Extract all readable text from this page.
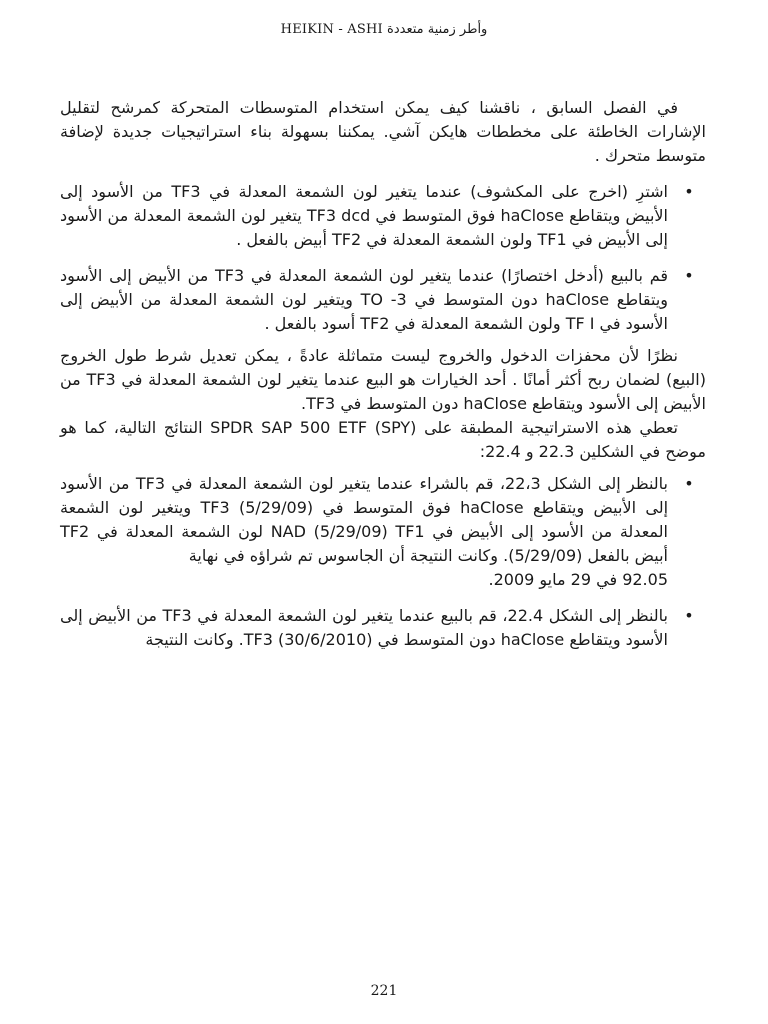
وأطر زمنية متعددة HEIKIN - ASHI

في الفصل السابق ، ناقشنا كيف يمكن استخدام المتوسطات المتحركة كمرشح لتقليل الإشارات الخاطئة على مخططات هايكن آشي. يمكننا بسهولة بناء استراتيجيات جديدة لإضافة متوسط متحرك .

•
اشترِ (اخرج على المكشوف) عندما يتغير لون الشمعة المعدلة في TF3 من الأسود إلى الأبيض ويتقاطع haClose فوق المتوسط في TF3 dcd يتغير لون الشمعة المعدلة من الأسود إلى الأبيض في TF1 ولون الشمعة المعدلة في TF2 أبيض بالفعل .
•
قم بالبيع (أدخل اختصارًا) عندما يتغير لون الشمعة المعدلة في TF3 من الأبيض إلى الأسود ويتقاطع haClose دون المتوسط في TO -3 ويتغير لون الشمعة المعدلة من الأبيض إلى الأسود في TF I ولون الشمعة المعدلة في TF2 أسود بالفعل .

نظرًا لأن محفزات الدخول والخروج ليست متماثلة عادةً ، يمكن تعديل شرط طول الخروج (البيع) لضمان ربح أكثر أمانًا . أحد الخيارات هو البيع عندما يتغير لون الشمعة المعدلة في TF3 من الأبيض إلى الأسود ويتقاطع haClose دون المتوسط في TF3.

تعطي هذه الاستراتيجية المطبقة على SPDR SAP 500 ETF (SPY) النتائج التالية، كما هو موضح في الشكلين 22.3 و 22.4:

•
بالنظر إلى الشكل 22،3، قم بالشراء عندما يتغير لون الشمعة المعدلة في TF3 من الأسود إلى الأبيض ويتقاطع haClose فوق المتوسط في TF3 (5/29/09) ويتغير لون الشمعة المعدلة من الأسود إلى الأبيض في NAD (5/29/09) TF1 لون الشمعة المعدلة في TF2 أبيض بالفعل (5/29/09). وكانت النتيجة أن الجاسوس تم شراؤه في نهاية
92.05 في 29 مايو 2009.
•
بالنظر إلى الشكل 22.4، قم بالبيع عندما يتغير لون الشمعة المعدلة في TF3 من الأبيض إلى الأسود ويتقاطع haClose دون المتوسط في TF3 (30/6/2010). وكانت النتيجة
221
